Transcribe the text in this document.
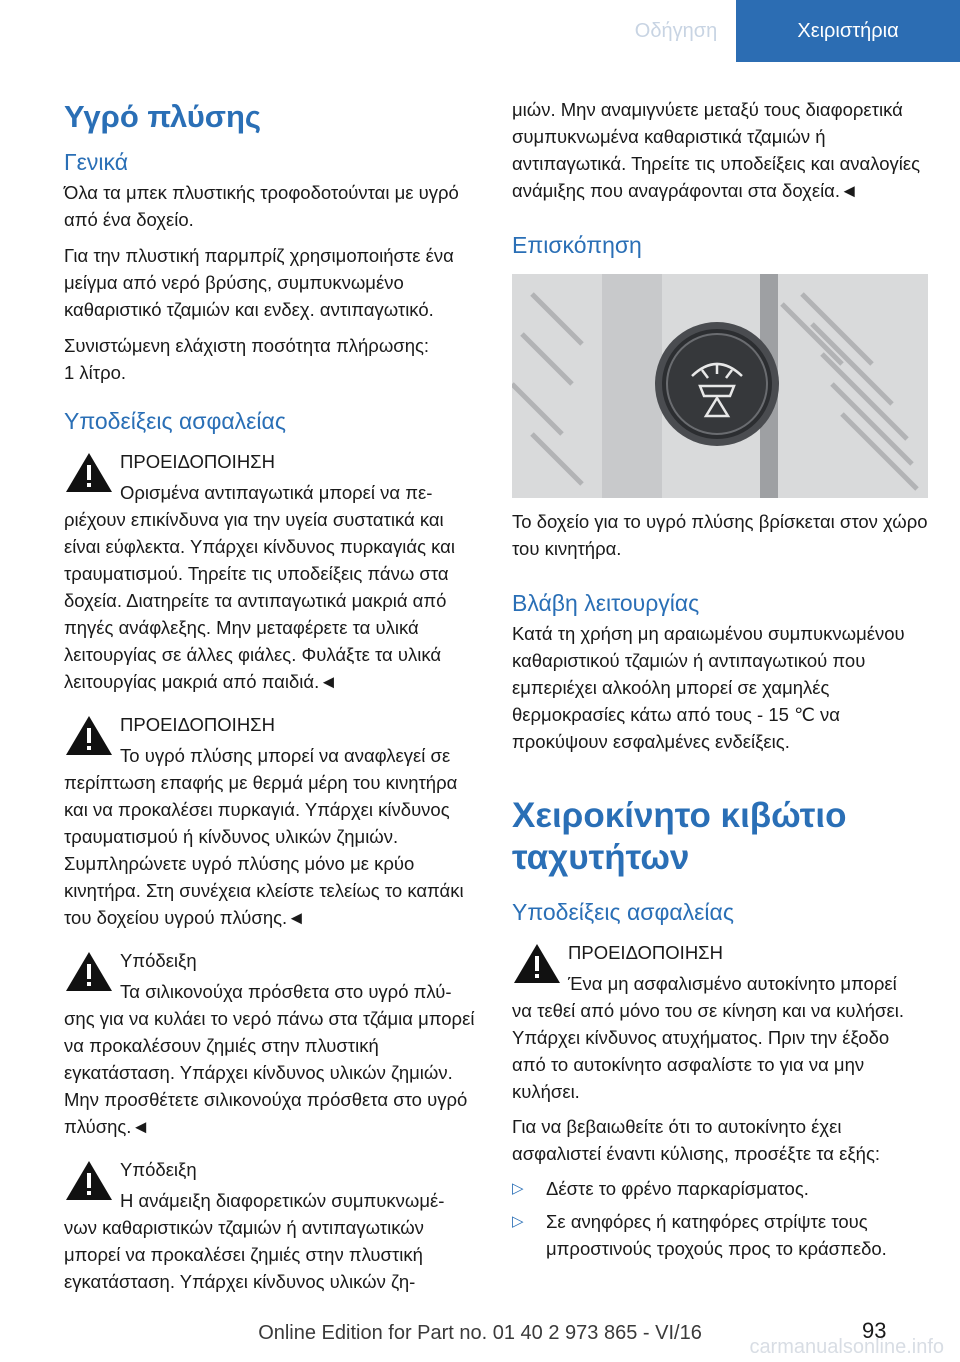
Οδήγηση	Χειριστήρια
Υγρό πλύσης
Γενικά

Όλα τα μπεκ πλυστικής τροφοδοτούνται με υγρό από ένα δοχείο.

Για την πλυστική παρμπρίζ χρησιμοποιήστε ένα μείγμα από νερό βρύσης, συμπυκνωμένο καθαριστικό τζαμιών και ενδεχ. αντιπαγωτικό.

Συνιστώμενη ελάχιστη ποσότητα πλήρωσης:

1 λίτρο.

Υποδείξεις ασφαλείας
ΠΡΟΕΙΔΟΠΟΙΗΣΗ
Ορισμένα αντιπαγωτικά μπορεί να πε-

ριέχουν επικίνδυνα για την υγεία συστατικά και είναι εύφλεκτα. Υπάρχει κίνδυνος πυρκαγιάς και τραυματισμού. Τηρείτε τις υποδείξεις πάνω στα δοχεία. Διατηρείτε τα αντιπαγωτικά μακριά από πηγές ανάφλεξης. Μην μεταφέρετε τα υλικά λειτουργίας σε άλλες φιάλες. Φυλάξτε τα υλικά λειτουργίας μακριά από παιδιά.◄

ΠΡΟΕΙΔΟΠΟΙΗΣΗ
Το υγρό πλύσης μπορεί να αναφλεγεί σε

περίπτωση επαφής με θερμά μέρη του κινητήρα και να προκαλέσει πυρκαγιά. Υπάρχει κίνδυνος τραυματισμού ή κίνδυνος υλικών ζημιών. Συμπληρώνετε υγρό πλύσης μόνο με κρύο κινητήρα. Στη συνέχεια κλείστε τελείως το καπάκι του δοχείου υγρού πλύσης.◄

Υπόδειξη
Τα σιλικονούχα πρόσθετα στο υγρό πλύ-

σης για να κυλάει το νερό πάνω στα τζάμια μπορεί να προκαλέσουν ζημιές στην πλυστική εγκατάσταση. Υπάρχει κίνδυνος υλικών ζημιών. Μην προσθέτετε σιλικονούχα πρόσθετα στο υγρό πλύσης.◄

Υπόδειξη
Η ανάμειξη διαφορετικών συμπυκνωμέ-

νων καθαριστικών τζαμιών ή αντιπαγωτικών μπορεί να προκαλέσει ζημιές στην πλυστική εγκατάσταση. Υπάρχει κίνδυνος υλικών ζη-

μιών. Μην αναμιγνύετε μεταξύ τους διαφορετικά συμπυκνωμένα καθαριστικά τζαμιών ή αντιπαγωτικά. Τηρείτε τις υποδείξεις και αναλογίες ανάμιξης που αναγράφονται στα δοχεία.◄

Επισκόπηση

Το δοχείο για το υγρό πλύσης βρίσκεται στον χώρο του κινητήρα.

Βλάβη λειτουργίας

Κατά τη χρήση μη αραιωμένου συμπυκνωμένου καθαριστικού τζαμιών ή αντιπαγωτικού που εμπεριέχει αλκοόλη μπορεί σε χαμηλές θερμοκρασίες κάτω από τους - 15 ℃ να προκύψουν εσφαλμένες ενδείξεις.

Χειροκίνητο κιβώτιο
ταχυτήτων
Υποδείξεις ασφαλείας
ΠΡΟΕΙΔΟΠΟΙΗΣΗ
Ένα μη ασφαλισμένο αυτοκίνητο μπορεί

να τεθεί από μόνο του σε κίνηση και να κυλήσει. Υπάρχει κίνδυνος ατυχήματος. Πριν την έξοδο από το αυτοκίνητο ασφαλίστε το για να μην κυλήσει.

Για να βεβαιωθείτε ότι το αυτοκίνητο έχει ασφαλιστεί έναντι κύλισης, προσέξτε τα εξής:

▷ Δέστε το φρένο παρκαρίσματος.
▷ Σε ανηφόρες ή κατηφόρες στρίψτε τους μπροστινούς τροχούς προς το κράσπεδο.
93
Online Edition for Part no. 01 40 2 973 865 - VI/16
carmanualsonline.info
